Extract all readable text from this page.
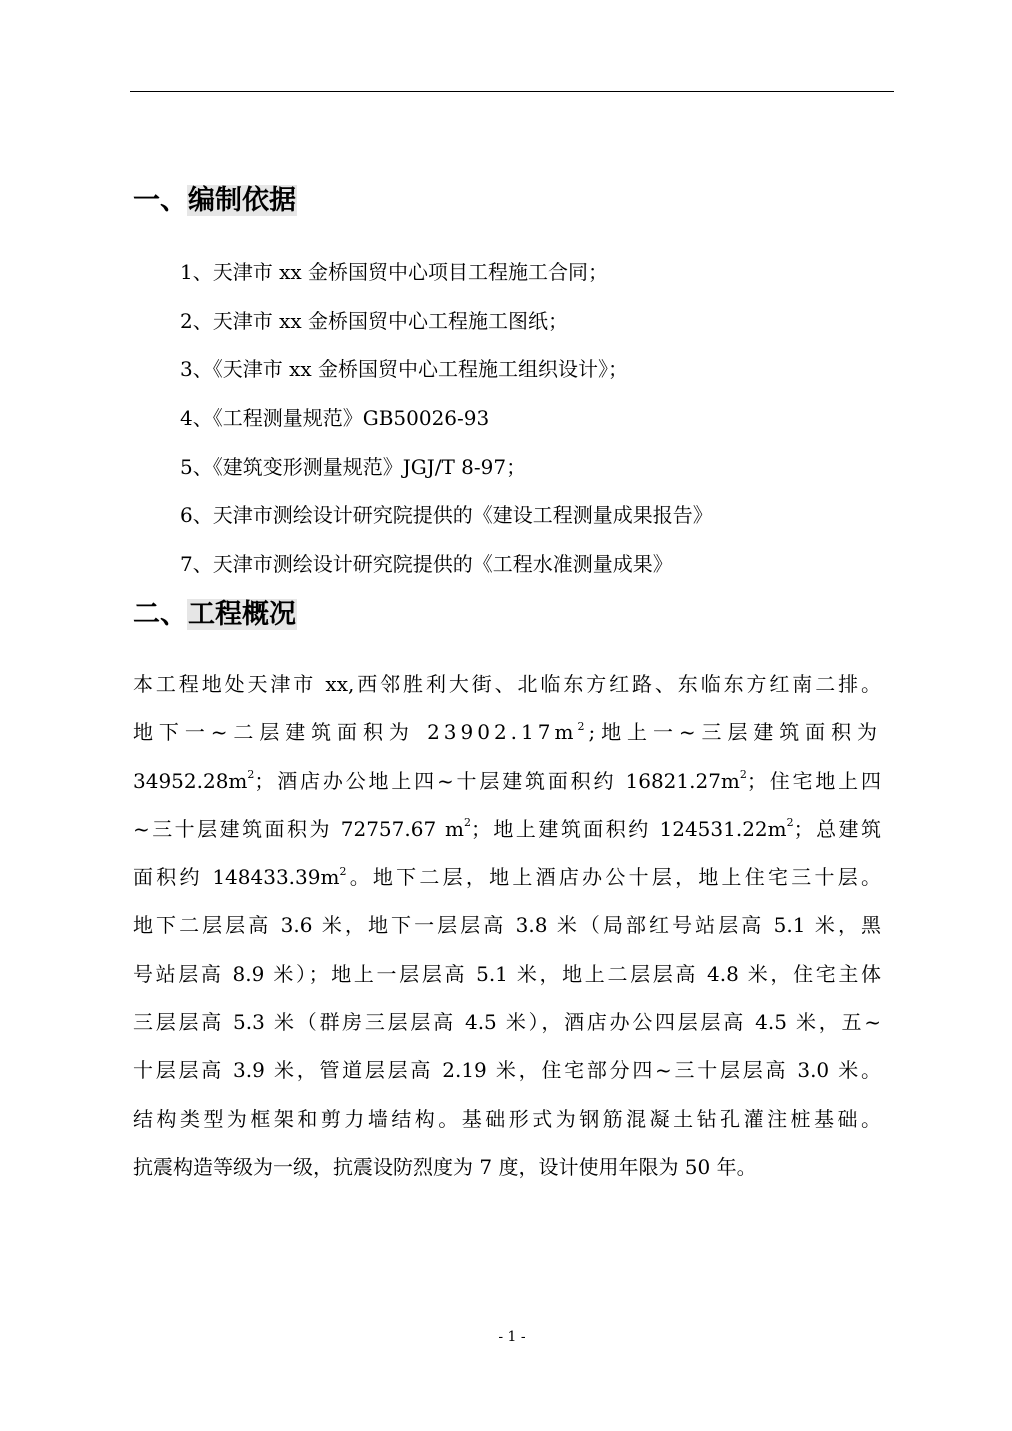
一、编制依据
1、天津市 xx 金桥国贸中心项目工程施工合同；
2、天津市 xx 金桥国贸中心工程施工图纸；
3、《天津市 xx 金桥国贸中心工程施工组织设计》；
4、《工程测量规范》GB50026-93
5、《建筑变形测量规范》JGJ/T 8-97；
6、天津市测绘设计研究院提供的《建设工程测量成果报告》
7、天津市测绘设计研究院提供的《工程水准测量成果》
二、工程概况
本工程地处天津市 xx,西邻胜利大街、北临东方红路、东临东方红南二排。
地下一~二层建筑面积为 $23902.17m^2$;地上一~三层建筑面积为
$34952.28m^2$；酒店办公地上四~十层建筑面积约 $16821.27m^2$；住宅地上四
~三十层建筑面积为 72757.67 $m^2$；地上建筑面积约 $124531.22m^2$；总建筑
面积约 $148433.39m^2$。地下二层，地上酒店办公十层，地上住宅三十层。
地下二层层高 3.6 米，地下一层层高 3.8 米（局部红号站层高 5.1 米，黑
号站层高 8.9 米）；地上一层层高 5.1 米，地上二层层高 4.8 米，住宅主体
三层层高 5.3 米（群房三层层高 4.5 米），酒店办公四层层高 4.5 米，五~
十层层高 3.9 米，管道层层高 2.19 米，住宅部分四~三十层层高 3.0 米。
结构类型为框架和剪力墙结构。基础形式为钢筋混凝土钻孔灌注桩基础。
抗震构造等级为一级，抗震设防烈度为 7 度，设计使用年限为 50 年。
- 1 -
